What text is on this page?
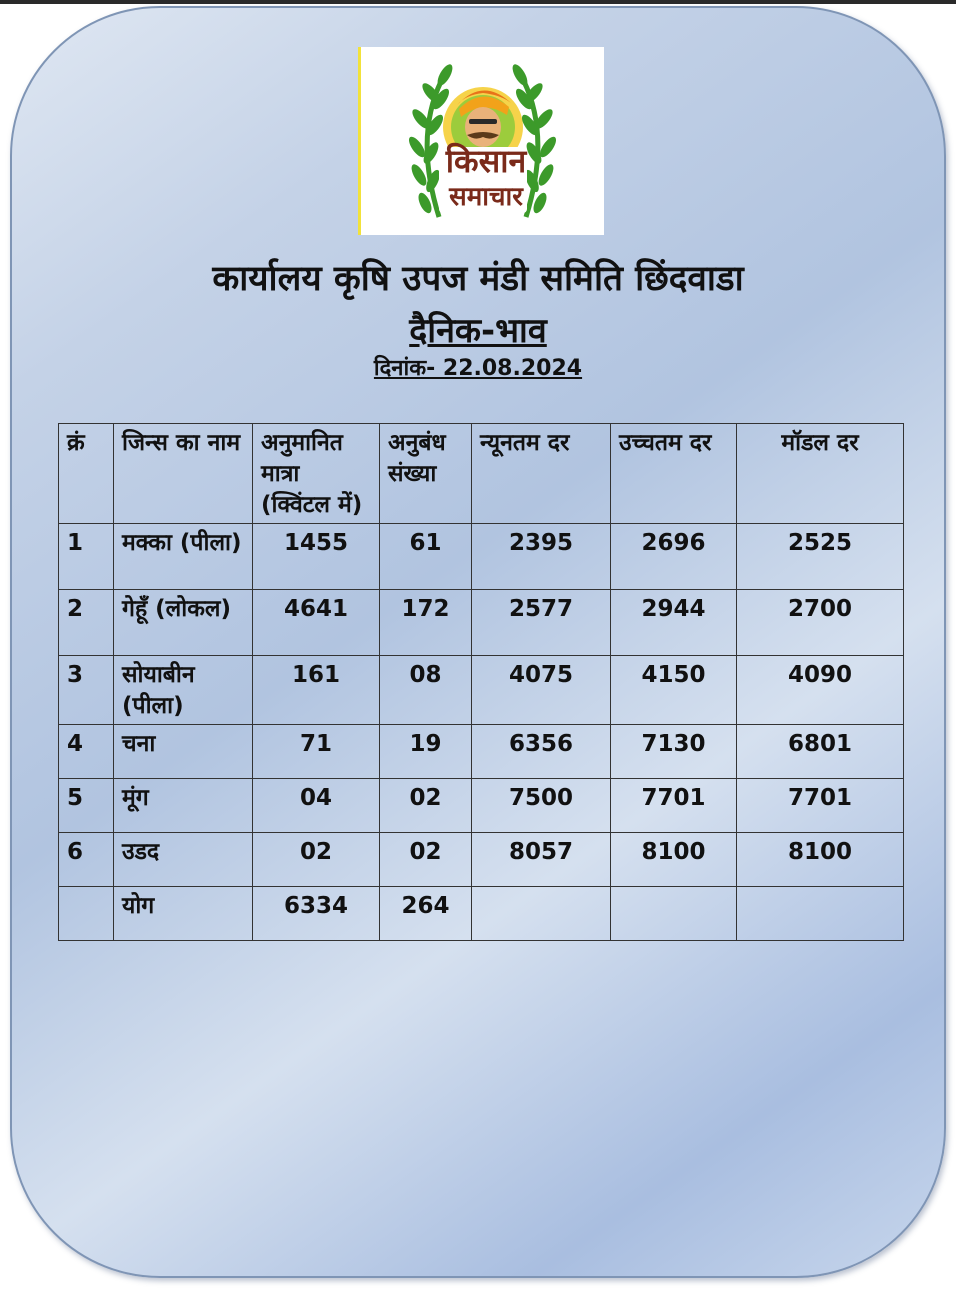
किसान
समाचार
कार्यालय कृषि उपज मंडी समिति छिंदवाडा
दैनिक-भाव
दिनांक- 22.08.2024
क्रं	जिन्स का नाम	अनुमानित मात्रा (क्विंटल में)	अनुबंध संख्या	न्यूनतम दर	उच्चतम दर	मॉडल दर
1	मक्का (पीला)	1455	61	2395	2696	2525
2	गेहूँ (लोकल)	4641	172	2577	2944	2700
3	सोयाबीन (पीला)	161	08	4075	4150	4090
4	चना	71	19	6356	7130	6801
5	मूंग	04	02	7500	7701	7701
6	उडद	02	02	8057	8100	8100
	योग	6334	264			
